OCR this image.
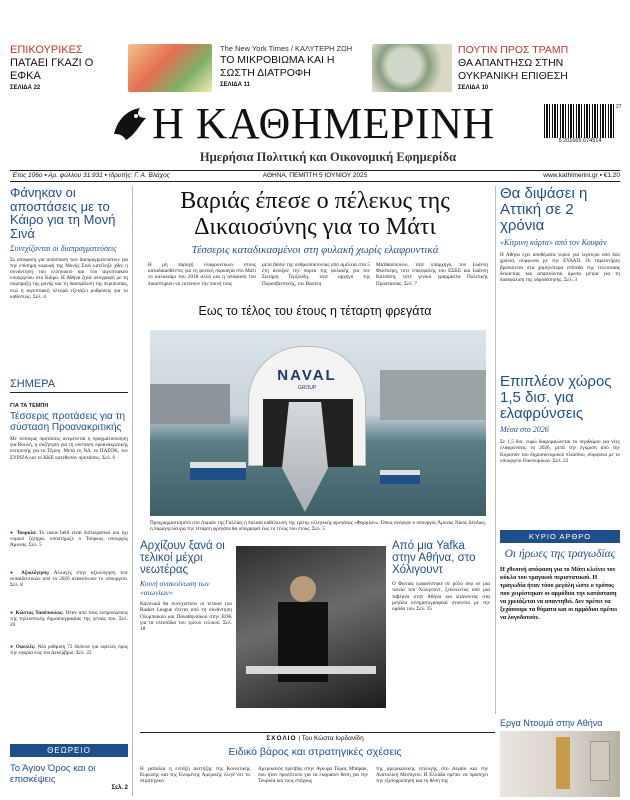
ΕΠΙΚΟΥΡΙΚΕΣ
ΠΑΤΑΕΙ ΓΚΑΖΙ Ο ΕΦΚΑ
ΣΕΛΙΔΑ 22
The New York Times / ΚΑΛΥΤΕΡΗ ΖΩΗ
ΤΟ ΜΙΚΡΟΒΙΩΜΑ ΚΑΙ Η ΣΩΣΤΗ ΔΙΑΤΡΟΦΗ
ΣΕΛΙΔΑ 11
ΠΟΥΤΙΝ ΠΡΟΣ ΤΡΑΜΠ
ΘΑ ΑΠΑΝΤΗΣΩ ΣΤΗΝ ΟΥΚΡΑΝΙΚΗ ΕΠΙΘΕΣΗ
ΣΕΛΙΔΑ 10
Η ΚΑΘΗΜΕΡΙΝΗ
Ημερήσια Πολιτική και Οικονομική Εφημερίδα
5 201665 674514
27
Έτος 106ο ▪ Αρ. φύλλου 31.931 ▪ Ιδρυτής: Γ. Α. Βλάχος	ΑΘΗΝΑ, ΠΕΜΠΤΗ 5 ΙΟΥΝΙΟΥ 2025	www.kathimerini.gr ▪ €1,20
Φάνηκαν οι αποστάσεις με το Κάιρο για τη Μονή Σινά
Συνεχίζονται οι διαπραγματεύσεις
Σε απόφαση για απόσπαση των διαπραγματεύσεων για την επίσημη κορυφή της Μονής Σινά κατέληξε χθες η συνάντηση του ελληνικού και του αιγυπτιακού υπουργείου στο Κάιρο. Η Αθήνα ζητά υπογραφή με τη σύμπραξη της μονής και τη διασφάλιση της περιουσίας, ενώ η αιγυπτιακή πλευρά εξετάζει ρυθμίσεις για το καθεστώς. Σελ. 4
ΣΗΜΕΡΑ
ΓΙΑ ΤΑ ΤΕΜΠΗ
Τέσσερις προτάσεις για τη σύσταση Προανακριτικής
Με τέσσερις προτάσεις ανεμένεται η πραγματοποίηση για Βουλή, η συζήτηση για τη σύσταση προανακριτικής επιτροπής για τα Τέμπη. Μετά τη ΝΔ, το ΠΑΣΟΚ, τον ΣΥΡΙΖΑ και το ΚΚΕ κατέθεσαν προτάσεις. Σελ. 6
● Τουρκία: Το casus belli είναι διπλωματικό και όχι νομικό ζήτημα, υποστήριξε ο Τούρκος υπουργός Άμυνας. Σελ. 5
● Αξιολόγηση: Αλλαγές στην αξιολόγηση των εκπαιδευτικών από το 2026 ανακοίνωσε το υπουργείο. Σελ. 8
● Κώστας Τασόπουλος: Ήταν από τους εκπροσώπους της τηλεοπτικής δημοσιογραφίας της γενιάς του. Σελ. 20
● Οφειλές: Νέα ρύθμιση 72 δόσεων για οφειλές προς την εφορία έως τον Δεκέμβριο. Σελ. 22
ΘΕΩΡΕΙΟ
Το Άγιον Όρος και οι επισκέψεις
Σελ. 2
Βαριάς έπεσε ο πέλεκυς της Δικαιοσύνης για το Μάτι
Τέσσερις καταδικασμένοι στη φυλακή χωρίς ελαφρυντικά
Η μη παροχή ελαφρυντικών στους καταδικασθέντες για τη φονική πυρκαγιά στο Μάτι το καλοκαίρι του 2018 αλλά και η απόφαση του δικαστηρίου να εκτίσουν την ποινή τους
μετά βάσιν της ανθρωποκτονίας από αμέλεια στα 5 έτη άνοιξαν την πόρτα της φυλακής για τον Σωτήρη Τερζούδη, τότε αρχηγό της Πυροσβεστικής, τον Βασίλη
Ματθαιόπουλο, τότε υπαρχηγό, τον Ιωάννη Φωστιέρη, τότε επικεφαλής του ΕΣΚΕ και Ιωάννη Κατσάπη, τότε γενικό γραμματέα Πολιτικής Προστασίας. Σελ. 7
Εως το τέλος του έτους η τέταρτη φρεγάτα
NAVAL
GROUP
Προγραμματισμένο στο Λοριάν της Γαλλίας η παλαιά καθέλκυση της τρίτης ελληνικής φρεγάτας «Φορμίων». Όπως ανέφερε ο υπουργός Άμυνας Νίκος Δένδιας, η παραγγελία για την τέταρτη φρεγάτα θα υπογραφεί έως το τέλος του έτους. Σελ. 5
Αρχίζουν ξανά οι τελικοί μέχρι νεωτέρας
Κοινή ανακοίνωση των «αιωνίων»
Κανονικά θα συνεχιστούν οι τελικοί του Basket League έπειτα από τη συνάντηση Ολυμπιακού και Παναθηναϊκού στην ΕΟΚ για τα επεισόδια του τρίτου τελικού. Σελ. 18
Από μια Yafka στην Αθήνα, στο Χόλιγουντ
Ο Φωτιάς εμφανίστηκε σε ρόλο σεφ σε μια ταινία του Χόλιγουντ, ξεκινώντας από μια ταβέρνα στην Αθήνα και φτάνοντας στα μεγάλα κινηματογραφικά στούντιο με την ομάδα του. Σελ. 15
Θα διψάσει η Αττική σε 2 χρόνια
«Κίτρινη κάρτα» από τον Κουφάν
Η Αθήνα έχει αποθέματα νερού για λιγότερο από δύο χρόνια, σύμφωνα με την ΕΥΔΑΠ. Οι ταμιευτήρες βρίσκονται στα χαμηλότερα επίπεδα της τελευταίας δεκαετίας και απαιτούνται άμεσα μέτρα για τη διασφάλιση της υδροδότησης. Σελ. 3
Επιπλέον χώρος 1,5 δισ. για ελαφρύνσεις
Μέσα στο 2026
Σε 1,5 δισ. ευρώ διαμορφώνεται το περιθώριο για νέες ελαφρύνσεις το 2026, μετά την έγκριση από την Κομισιόν του δημοσιονομικού πλαισίου, σύμφωνα με το υπουργείο Οικονομικών. Σελ. 22
ΚΥΡΙΟ ΑΡΘΡΟ
Οι ήρωες της τραγωδίας
Η χθεσινή απόφαση για το Μάτι κλείνει τον κύκλο του τραγικού περιστατικού. Η τραγωδία ήταν τόσο μεγάλη ώστε ο τρόπος που χειρίστηκαν οι αρμόδιοι την κατάσταση να χρειάζεται να απαντηθεί. Δεν πρέπει να ξεχάσουμε τα θύματα και οι αρμόδιοι πρέπει να λογοδοτούν.
ΣΧΟΛΙΟ | Του Κώστα Ιορδανίδη
Ειδικό βάρος και στρατηγικές σχέσεις
Η γιαταλία η εντάξη ανετήζης της Κοινοτικής Ευρώπης και της Ενωμένης Αμερικής έλεγε ότι το στρατηγικό
Αμερικανός πρέσβης στην Αγκυρα Τόμας Μπάρακ, που ήταν πρωτότυπο για να εκφράσει θέση για την Τουρκία και τους στόχους
της αμερικανικής επιλογής στο Αιγαίο και την Ανατολική Μεσόγειο. Η Ελλάδα πρέπει να προσέχει την εξισορρόπηση και τη θέση της
Εργα Ντουμά στην Αθήνα
